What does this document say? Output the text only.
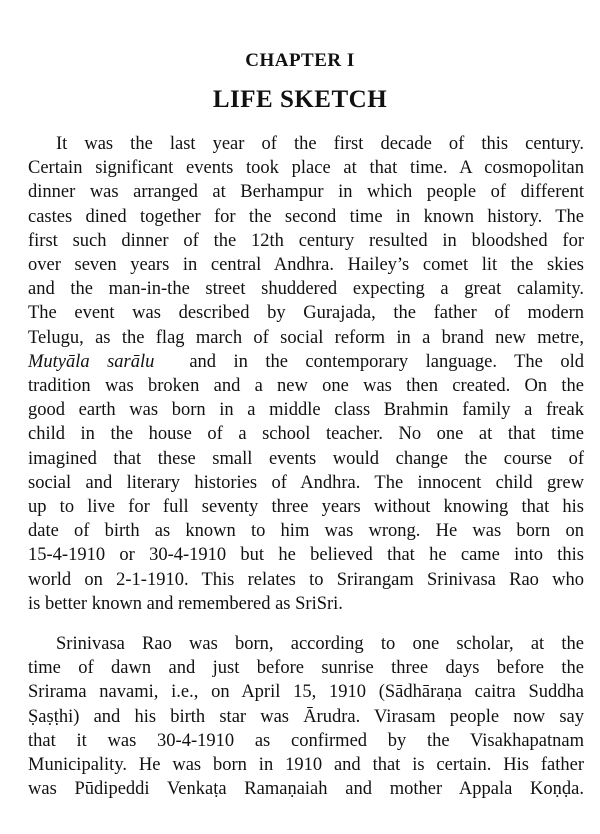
CHAPTER I
LIFE SKETCH
It was the last year of the first decade of this century.
Certain significant events took place at that time. A cosmopolitan
dinner was arranged at Berhampur in which people of different
castes dined together for the second time in known history. The
first such dinner of the 12th century resulted in bloodshed for
over seven years in central Andhra. Hailey’s comet lit the skies
and the man-in-the street shuddered expecting a great calamity.
The event was described by Gurajada, the father of modern
Telugu, as the flag march of social reform in a brand new metre,
Mutyāla sarālu and in the contemporary language. The old
tradition was broken and a new one was then created. On the
good earth was born in a middle class Brahmin family a freak
child in the house of a school teacher. No one at that time
imagined that these small events would change the course of
social and literary histories of Andhra. The innocent child grew
up to live for full seventy three years without knowing that his
date of birth as known to him was wrong. He was born on
15-4-1910 or 30-4-1910 but he believed that he came into this
world on 2-1-1910. This relates to Srirangam Srinivasa Rao who
is better known and remembered as SriSri.
Srinivasa Rao was born, according to one scholar, at the
time of dawn and just before sunrise three days before the
Srirama navami, i.e., on April 15, 1910 (Sādhāraṇa caitra Suddha
Ṣaṣṭhi) and his birth star was Ārudra. Virasam people now say
that it was 30-4-1910 as confirmed by the Visakhapatnam
Municipality. He was born in 1910 and that is certain. His father
was Pūdipeddi Venkaṭa Ramaṇaiah and mother Appala Koṇḍa.
